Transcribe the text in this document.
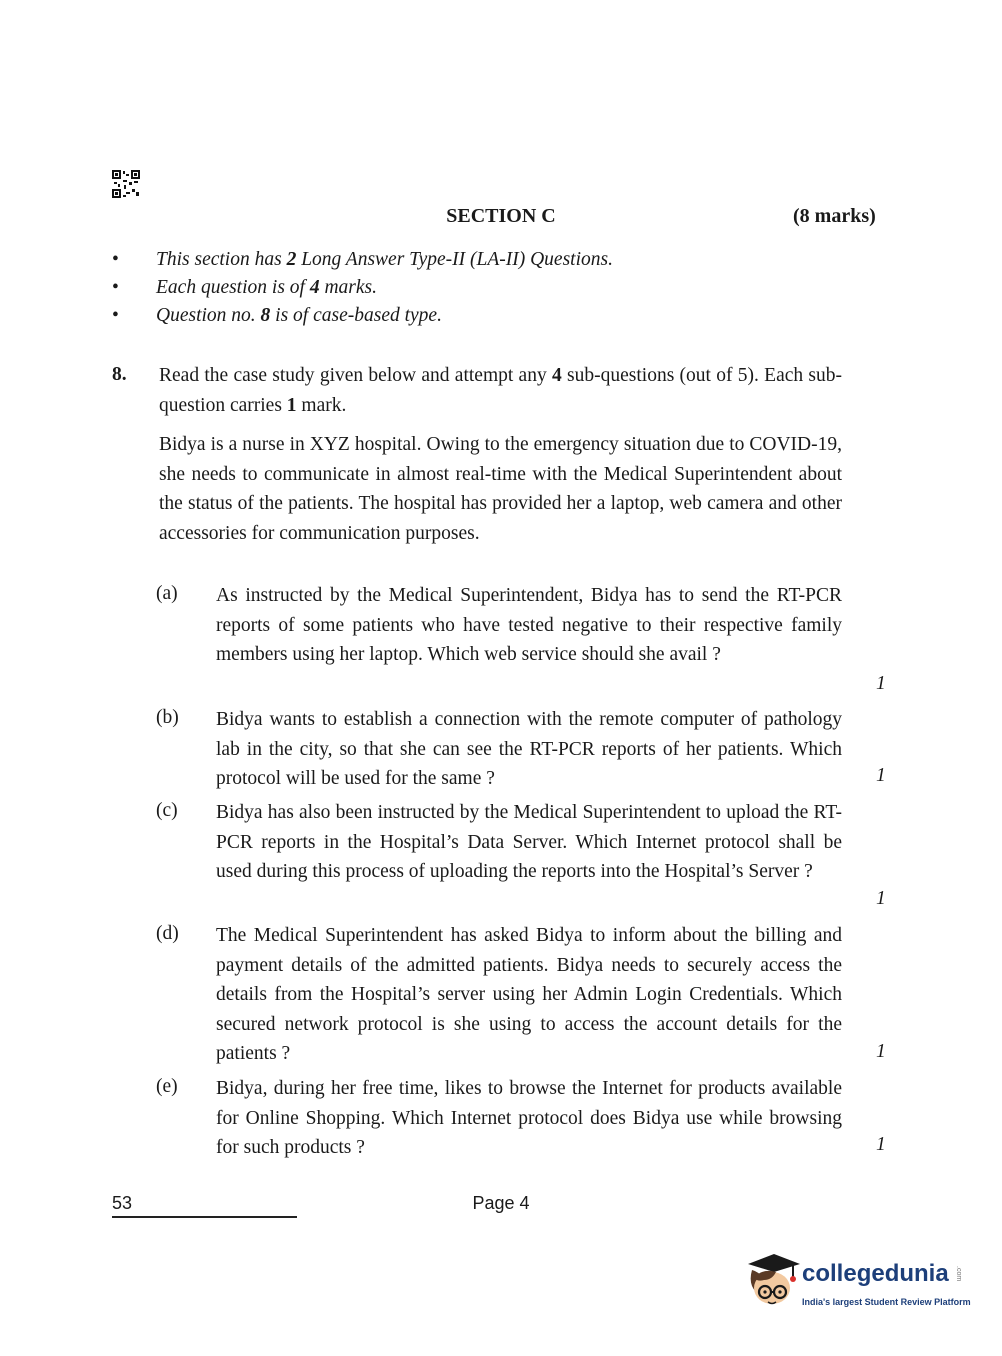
SECTION C	(8 marks)
• This section has 2 Long Answer Type-II (LA-II) Questions.
• Each question is of 4 marks.
• Question no. 8 is of case-based type.
8. Read the case study given below and attempt any 4 sub-questions (out of 5). Each sub-question carries 1 mark.
Bidya is a nurse in XYZ hospital. Owing to the emergency situation due to COVID-19, she needs to communicate in almost real-time with the Medical Superintendent about the status of the patients. The hospital has provided her a laptop, web camera and other accessories for communication purposes.
(a) As instructed by the Medical Superintendent, Bidya has to send the RT-PCR reports of some patients who have tested negative to their respective family members using her laptop. Which web service should she avail ?
1
(b) Bidya wants to establish a connection with the remote computer of pathology lab in the city, so that she can see the RT-PCR reports of her patients. Which protocol will be used for the same ?	1
(c) Bidya has also been instructed by the Medical Superintendent to upload the RT-PCR reports in the Hospital’s Data Server. Which Internet protocol shall be used during this process of uploading the reports into the Hospital’s Server ?
1
(d) The Medical Superintendent has asked Bidya to inform about the billing and payment details of the admitted patients. Bidya needs to securely access the details from the Hospital’s server using her Admin Login Credentials. Which secured network protocol is she using to access the account details for the patients ?	1
(e) Bidya, during her free time, likes to browse the Internet for products available for Online Shopping. Which Internet protocol does Bidya use while browsing for such products ?	1
53	Page 4
collegedunia .com
India's largest Student Review Platform
